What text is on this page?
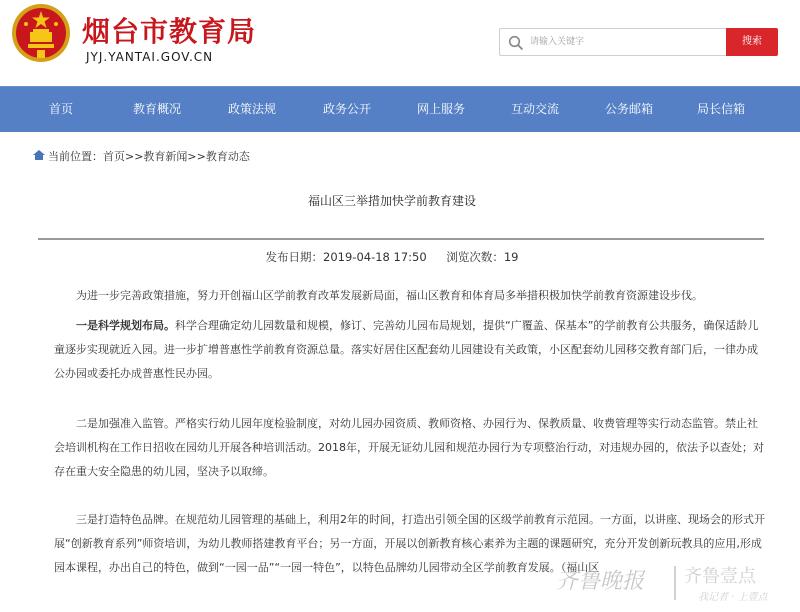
烟台市教育局
JYJ.YANTAI.GOV.CN
请输入关键字
搜索
首页	教育概况	政策法规	政务公开	网上服务	互动交流	公务邮箱	局长信箱
当前位置：首页>>教育新闻>>教育动态
福山区三举措加快学前教育建设
发布日期：2019-04-18 17:50 浏览次数：19

为进一步完善政策措施，努力开创福山区学前教育改革发展新局面，福山区教育和体育局多举措积极加快学前教育资源建设步伐。

一是科学规划布局。科学合理确定幼儿园数量和规模，修订、完善幼儿园布局规划，提供“广覆盖、保基本”的学前教育公共服务，确保适龄儿童逐步实现就近入园。进一步扩增普惠性学前教育资源总量。落实好居住区配套幼儿园建设有关政策，小区配套幼儿园移交教育部门后，一律办成公办园或委托办成普惠性民办园。

二是加强准入监管。严格实行幼儿园年度检验制度，对幼儿园办园资质、教师资格、办园行为、保教质量、收费管理等实行动态监管。禁止社会培训机构在工作日招收在园幼儿开展各种培训活动。2018年，开展无证幼儿园和规范办园行为专项整治行动，对违规办园的，依法予以查处；对存在重大安全隐患的幼儿园，坚决予以取缔。

三是打造特色品牌。在规范幼儿园管理的基础上，利用2年的时间，打造出引领全国的区级学前教育示范园。一方面，以讲座、现场会的形式开展“创新教育系列”师资培训，为幼儿教师搭建教育平台；另一方面，开展以创新教育核心素养为主题的课题研究，充分开发创新玩教具的应用,形成园本课程，办出自己的特色，做到“一园一品”“一园一特色”，以特色品牌幼儿园带动全区学前教育发展。（福山区

齐鲁晚报 齐鲁壹点
我记者 · 上壹点
